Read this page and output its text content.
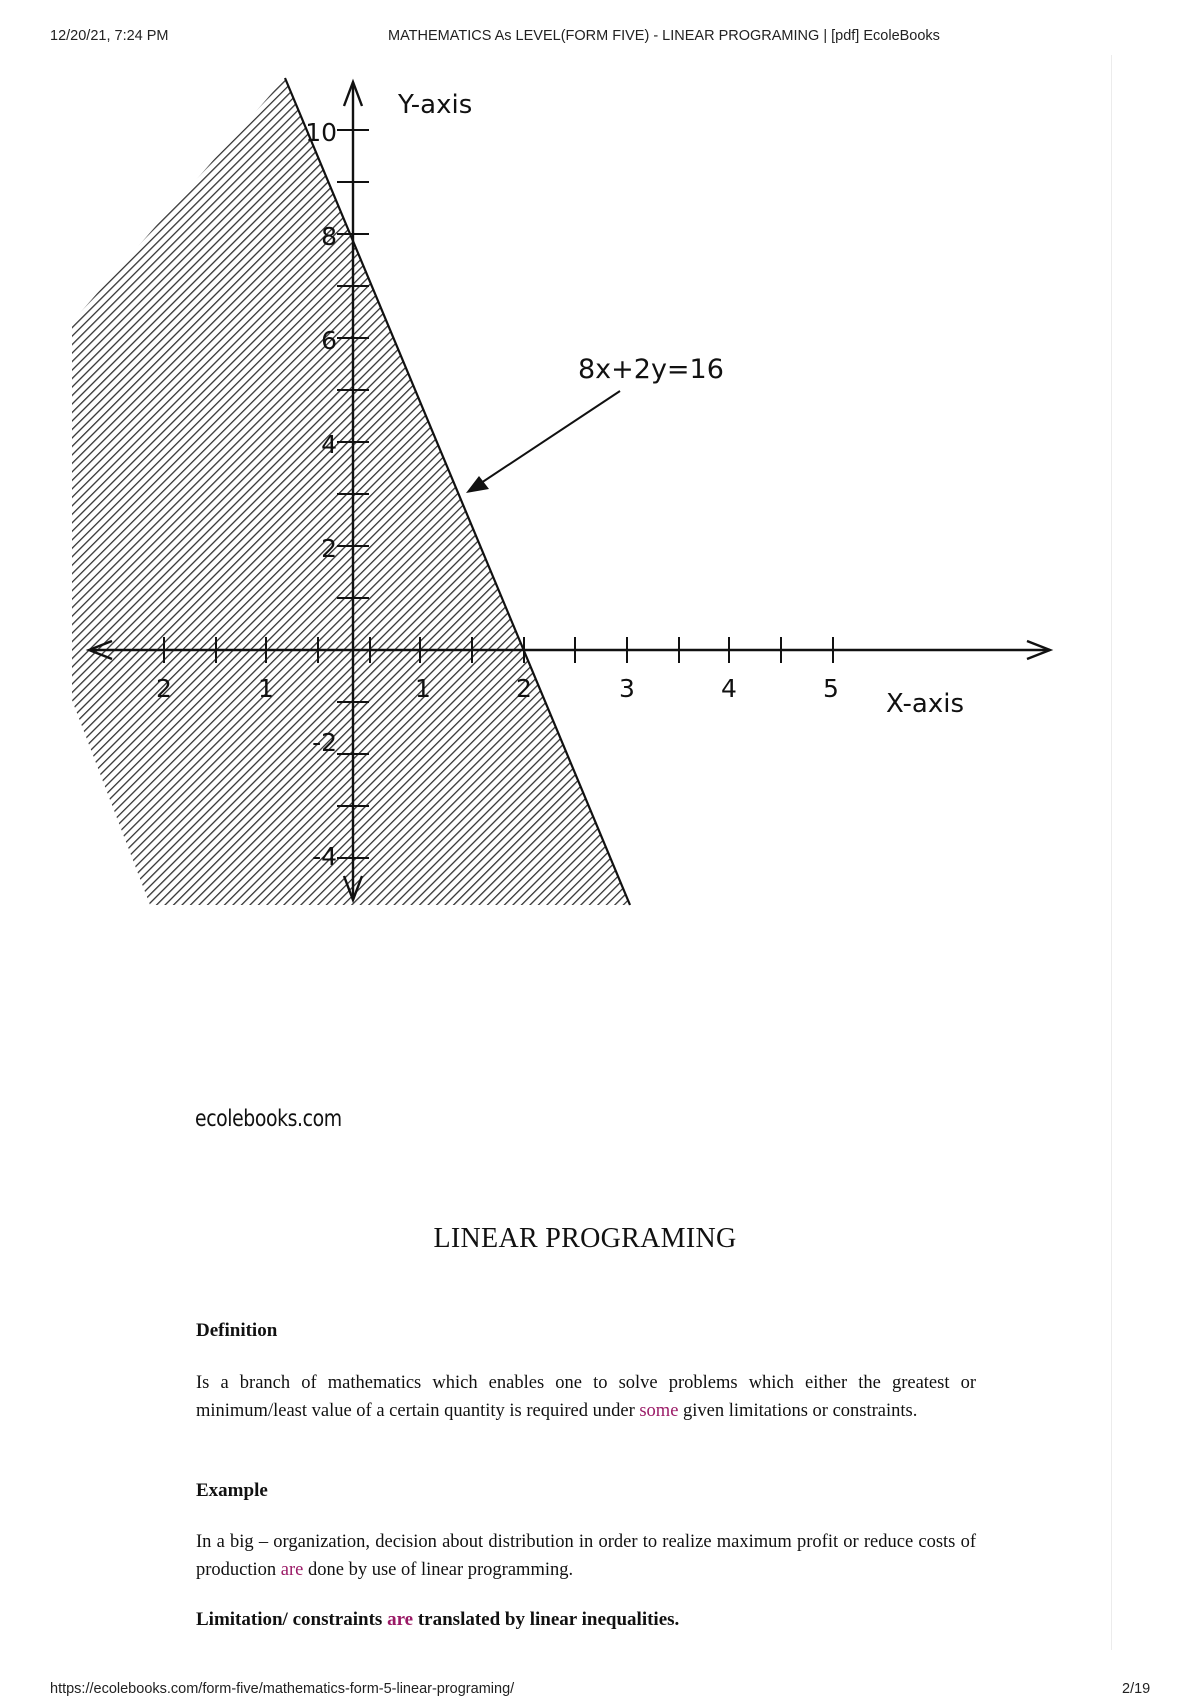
12/20/21, 7:24 PM	MATHEMATICS As LEVEL(FORM FIVE) - LINEAR PROGRAMING | [pdf] EcoleBooks
Y-axis
X-axis
8x+2y=16
10
8
6
4
2
-2
-4
2	1	1	2	3	4	5
ecolebooks.com
LINEAR PROGRAMING
Definition
Is a branch of mathematics which enables one to solve problems which either the greatest or minimum/least value of a certain quantity is required under some given limitations or constraints.
Example
In a big – organization, decision about distribution in order to realize maximum profit or reduce costs of production are done by use of linear programming.
Limitation/ constraints are translated by linear inequalities.
https://ecolebooks.com/form-five/mathematics-form-5-linear-programing/	2/19
